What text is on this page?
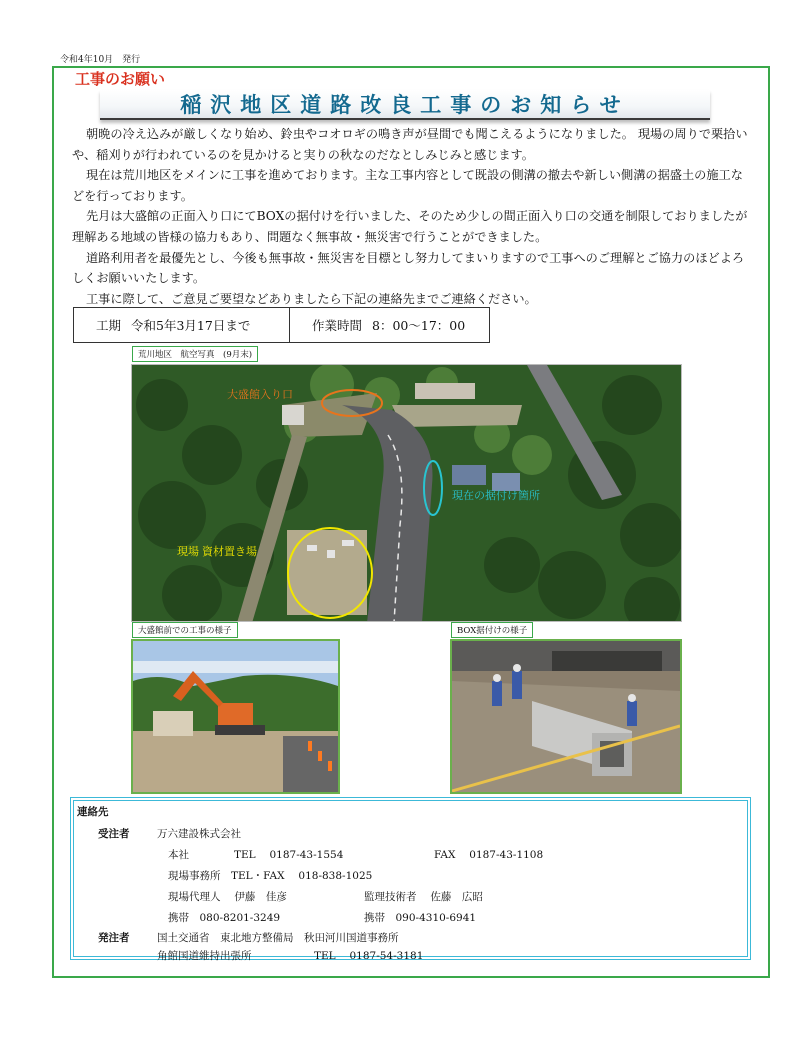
令和4年10月　発行
工事のお願い
稲沢地区道路改良工事のお知らせ

朝晩の冷え込みが厳しくなり始め、鈴虫やコオロギの鳴き声が昼間でも聞こえるようになりました。 現場の周りで栗拾いや、稲刈りが行われているのを見かけると実りの秋なのだなとしみじみと感じます。

現在は荒川地区をメインに工事を進めております。主な工事内容として既設の側溝の撤去や新しい側溝の据盛土の施工などを行っております。

先月は大盛館の正面入り口にてBOXの据付けを行いました、そのため少しの間正面入り口の交通を制限しておりましたが理解ある地域の皆様の協力もあり、問題なく無事故・無災害で行うことができました。

道路利用者を最優先とし、今後も無事故・無災害を目標とし努力してまいりますので工事へのご理解とご協力のほどよろしくお願いいたします。

工事に際して、ご意見ご要望などありましたら下記の連絡先までご連絡ください。

工期 令和5年3月17日まで	作業時間 8：00～17：00
荒川地区　航空写真　(9月末)
大盛館入り口
現在の据付け箇所
現場 資材置き場
大盛館前での工事の様子	BOX据付けの様子
連絡先
受注者	万六建設株式会社
本社	TEL　 0187-43-1554	FAX　 0187-43-1108
現場事務所　TEL・FAX　 018-838-1025
現場代理人　 伊藤　佳彦	監理技術者　 佐藤　広昭
携帯　080-8201-3249	携帯　090-4310-6941
発注者	国土交通省　東北地方整備局　秋田河川国道事務所
角館国道維持出張所	TEL　 0187-54-3181
